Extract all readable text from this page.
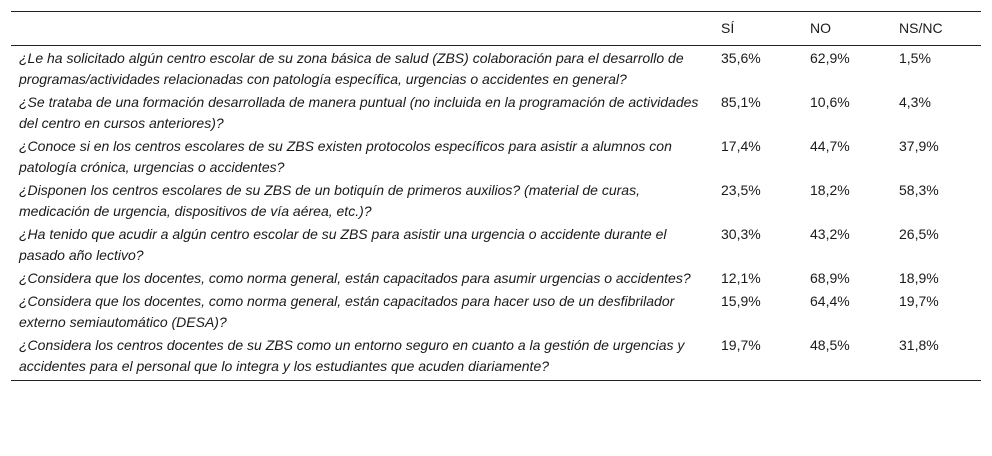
	SÍ	NO	NS/NC
¿Le ha solicitado algún centro escolar de su zona básica de salud (ZBS) colaboración para el desarrollo de programas/actividades relacionadas con patología específica, urgencias o accidentes en general?	35,6%	62,9%	1,5%
¿Se trataba de una formación desarrollada de manera puntual (no incluida en la programación de actividades del centro en cursos anteriores)?	85,1%	10,6%	4,3%
¿Conoce si en los centros escolares de su ZBS existen protocolos específicos para asistir a alumnos con patología crónica, urgencias o accidentes?	17,4%	44,7%	37,9%
¿Disponen los centros escolares de su ZBS de un botiquín de primeros auxilios? (material de curas, medicación de urgencia, dispositivos de vía aérea, etc.)?	23,5%	18,2%	58,3%
¿Ha tenido que acudir a algún centro escolar de su ZBS para asistir una urgencia o accidente durante el pasado año lectivo?	30,3%	43,2%	26,5%
¿Considera que los docentes, como norma general, están capacitados para asumir urgencias o accidentes?	12,1%	68,9%	18,9%
¿Considera que los docentes, como norma general, están capacitados para hacer uso de un desfibrilador externo semiautomático (DESA)?	15,9%	64,4%	19,7%
¿Considera los centros docentes de su ZBS como un entorno seguro en cuanto a la gestión de urgencias y accidentes para el personal que lo integra y los estudiantes que acuden diariamente?	19,7%	48,5%	31,8%
